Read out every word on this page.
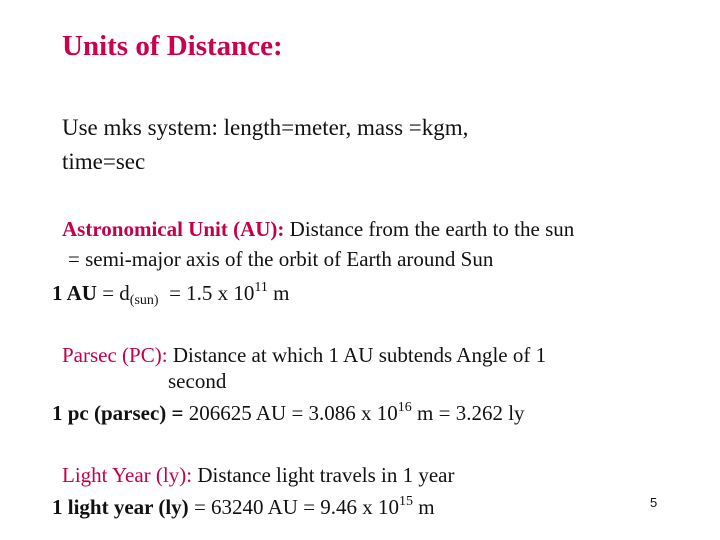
Units of Distance:
Use mks system: length=meter, mass =kgm,
time=sec
Astronomical Unit (AU): Distance from the earth to the sun
= semi-major axis of the orbit of Earth around Sun
1 AU = $d_{(sun)} = 1.5$ x $10^{11}$ m
Parsec (PC): Distance at which 1 AU subtends Angle of 1
second
1 pc (parsec) = 206625 AU = 3.086 x $10^{16}$ m = 3.262 ly
Light Year (ly): Distance light travels in 1 year
1 light year (ly) = 63240 AU = 9.46 x $10^{15}$ m	5
